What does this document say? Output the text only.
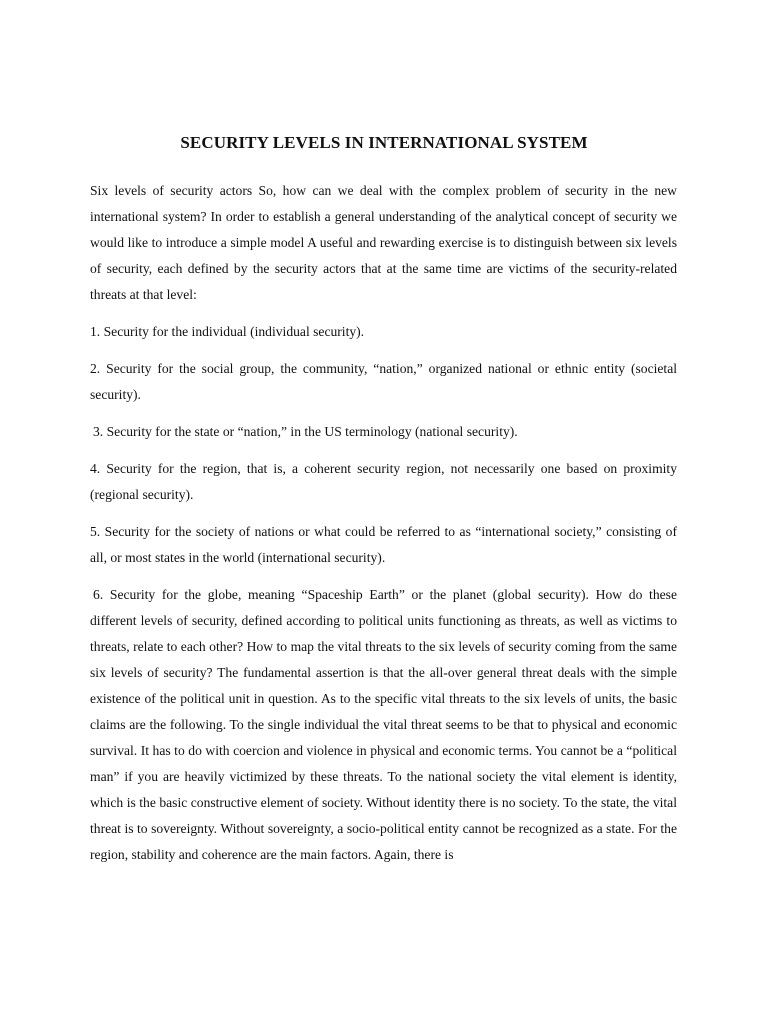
SECURITY LEVELS IN INTERNATIONAL SYSTEM

Six levels of security actors So, how can we deal with the complex problem of security in the new international system? In order to establish a general understanding of the analytical concept of security we would like to introduce a simple model A useful and rewarding exercise is to distinguish between six levels of security, each defined by the security actors that at the same time are victims of the security-related threats at that level:

1. Security for the individual (individual security).

2. Security for the social group, the community, “nation,” organized national or ethnic entity (societal security).

3. Security for the state or “nation,” in the US terminology (national security).

4. Security for the region, that is, a coherent security region, not necessarily one based on proximity (regional security).

5. Security for the society of nations or what could be referred to as “international society,” consisting of all, or most states in the world (international security).

6. Security for the globe, meaning “Spaceship Earth” or the planet (global security). How do these different levels of security, defined according to political units functioning as threats, as well as victims to threats, relate to each other? How to map the vital threats to the six levels of security coming from the same six levels of security? The fundamental assertion is that the all-over general threat deals with the simple existence of the political unit in question. As to the specific vital threats to the six levels of units, the basic claims are the following. To the single individual the vital threat seems to be that to physical and economic survival. It has to do with coercion and violence in physical and economic terms. You cannot be a “political man” if you are heavily victimized by these threats. To the national society the vital element is identity, which is the basic constructive element of society. Without identity there is no society. To the state, the vital threat is to sovereignty. Without sovereignty, a socio-political entity cannot be recognized as a state. For the region, stability and coherence are the main factors. Again, there is
